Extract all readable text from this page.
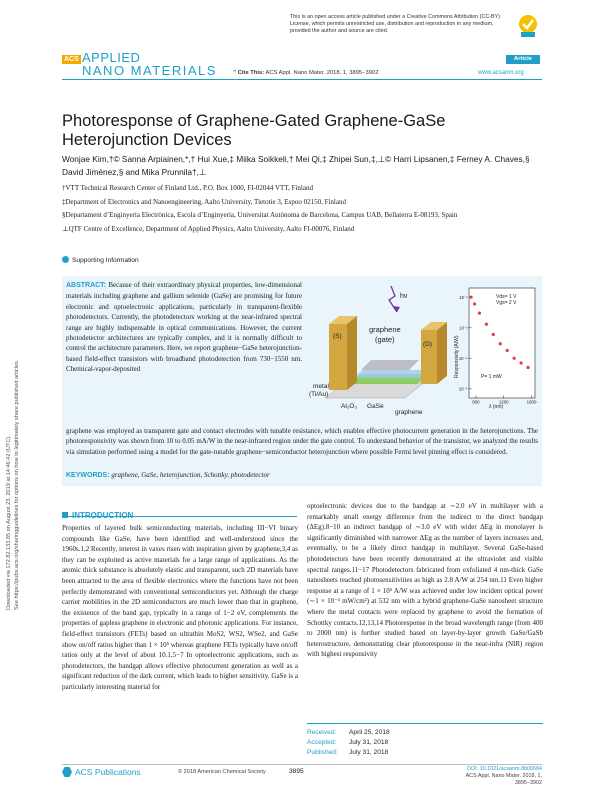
Downloaded via 172.82.133.85 on August 23, 2019 at 14:46:42 (UTC). See https://pubs.acs.org/sharingguidelines for options on how to legitimately share published articles.
This is an open access article published under a Creative Commons Attribution (CC-BY) License, which permits unrestricted use, distribution and reproduction in any medium, provided the author and source are cited.
ACS APPLIED
NANO MATERIALS	❝ Cite This: ACS Appl. Nano Mater. 2018, 1, 3895−3902
Article
www.acsanm.org
Photoresponse of Graphene-Gated Graphene-GaSe Heterojunction Devices
Wonjae Kim,†© Sanna Arpiainen,*,† Hui Xue,‡ Miika Soikkeli,† Mei Qi,‡ Zhipei Sun,‡,⊥© Harri Lipsanen,‡ Ferney A. Chaves,§ David Jiménez,§ and Mika Prunnila†,⊥

†VTT Technical Research Center of Finland Ltd., P.O. Box 1000, FI-02044 VTT, Finland

‡Department of Electronics and Nanoengineering, Aalto University, Tietotie 3, Espoo 02150, Finland

§Departament d’Enginyeria Electrònica, Escola d’Enginyeria, Universitat Autònoma de Barcelona, Campus UAB, Bellaterra E-08193, Spain

⊥QTF Centre of Excellence, Department of Applied Physics, Aalto University, Aalto FI-00076, Finland

Supporting Information
ABSTRACT: Because of their extraordinary physical properties, low-dimensional materials including graphene and gallium selenide (GaSe) are promising for future electronic and optoelectronic applications, particularly in transparent-flexible photodetectors. Currently, the photodetectors working at the near-infrared spectral range are highly indispensable in optical communications. However, the current photodetector architectures are typically complex, and it is normally difficult to control the architecture parameters. Here, we report graphene−GaSe heterojunction-based field-effect transistors with broadband photodetection from 730−1550 nm. Chemical-vapor-deposited
graphene was employed as transparent gate and contact electrodes with tunable resistance, which enables effective photocurrent generation in the heterojunctions. The photoresponsivity was shown from 10 to 0.05 mA/W in the near-infrared region under the gate control. To understand behavior of the transistor, we analyzed the results via simulation performed using a model for the gate-tunable graphene−semiconductor heterojunction where possible Fermi level pinning effect is considered.
KEYWORDS: graphene, GaSe, heterojunction, Schottky, photodetector
hν
(S)
(D)
graphene
(gate)
metal
(Ti/Au)
Al₂O₃ GaSe
graphene
10⁻²
10⁻³
10⁻⁴
10⁻⁵
800	1200	1600
Vds= 1 V
Vgs= 2 V
P= 1 mW
Responsivity (A/W)
λ (nm)
INTRODUCTION
Properties of layered bulk semiconducting materials, including III−VI binary compounds like GaSe, have been identified and well-understood since the 1960s.1,2 Recently, interest in vaxes risen with inspiration given by graphene,3,4 as they can be exploited as active materials for a large range of applications. As the atomic thick substance is absolutely elastic and transparent, such 2D materials have been attracted to the area of flexible electronics where the functions have not been perfectly demonstrated with conventional semiconductors yet. Although the charge carrier mobilities in the 2D semiconductors are much lower than that in graphene, the existence of the band gap, typically in a range of 1−2 eV, complements the properties of gapless graphene in electronic and photonic applications. For instance, field-effect transistors (FETs) based on ultrathin MoS2, WS2, WSe2, and GaSe show on/off ratios higher than 1 × 10⁵ whereas graphene FETs typically have on/off ratios only at the level of about 10.1,5−7 In optoelectronic applications, such as photodetectors, the bandgap allows effective photocurrent generation as well as a significant reduction of the dark current, which leads to higher sensitivity. GaSe is a particularly interesting material for
optoelectronic devices due to the bandgap at ∼2.0 eV in multilayer with a remarkably small energy difference from the indirect to the direct bandgap (ΔEg).8−10 an indirect bandgap of ∼3.0 eV with wider ΔEg in monolayer is significantly diminished with narrower ΔEg as the number of layers increases and, eventually, to be a likely direct bandgap in multilayer. Several GaSe-based photodetectors have been recently demonstrated at the ultraviolet and visible spectral ranges.11−17 Photodetectors fabricated from exfoliated 4 nm-thick GaSe nanosheets reached photosensitivities as high as 2.8 A/W at 254 nm.11 Even higher response at a range of 1 × 10⁵ A/W was achieved under low incident optical power (∼1 × 10⁻³ mW/cm²) at 532 nm with a hybrid graphene-GaSe nanosheet structure where the metal contacts were replaced by graphene to avoid the formation of Schottky contacts.12,13,14 Photoresponse in the broad wavelength range (from 400 to 2000 nm) is further studied based on layer-by-layer growth GaSe/GaSb heterostructure, demonstrating clear photoresponse in the near-infra (NIR) region with highest responsivity
Received: April 25, 2018
Accepted: July 31, 2018
Published: July 31, 2018
ACS Publications	© 2018 American Chemical Society	3895	DOI: 10.1021/acsanm.8b00684
ACS Appl. Nano Mater. 2018, 1, 3895−3902
